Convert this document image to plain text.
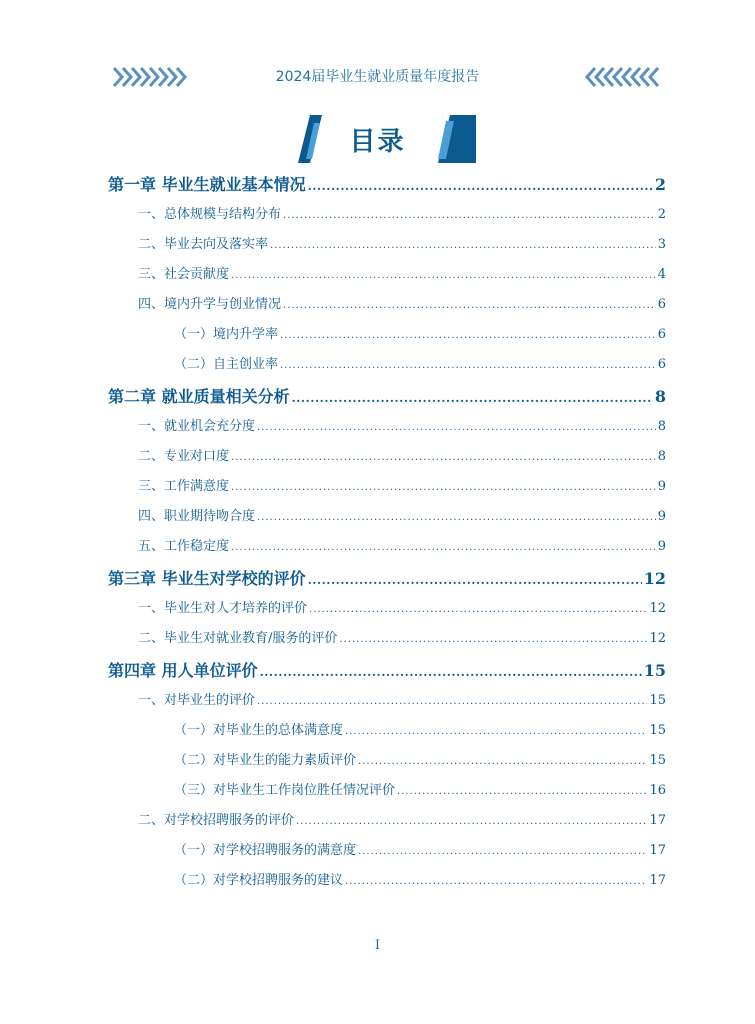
2024届毕业生就业质量年度报告
目录
第一章 毕业生就业基本情况 .....	2
一、总体规模与结构分布 .....	2
二、毕业去向及落实率 .....	3
三、社会贡献度 .....	4
四、境内升学与创业情况 .....	6
（一）境内升学率 .....	6
（二）自主创业率 .....	6
第二章 就业质量相关分析 .....	8
一、就业机会充分度 .....	8
二、专业对口度 .....	8
三、工作满意度 .....	9
四、职业期待吻合度 .....	9
五、工作稳定度 .....	9
第三章 毕业生对学校的评价 .....	12
一、毕业生对人才培养的评价 .....	12
二、毕业生对就业教育/服务的评价 .....	12
第四章 用人单位评价 .....	15
一、对毕业生的评价 .....	15
（一）对毕业生的总体满意度 .....	15
（二）对毕业生的能力素质评价 .....	15
（三）对毕业生工作岗位胜任情况评价 .....	16
二、对学校招聘服务的评价 .....	17
（一）对学校招聘服务的满意度 .....	17
（二）对学校招聘服务的建议 .....	17
I
